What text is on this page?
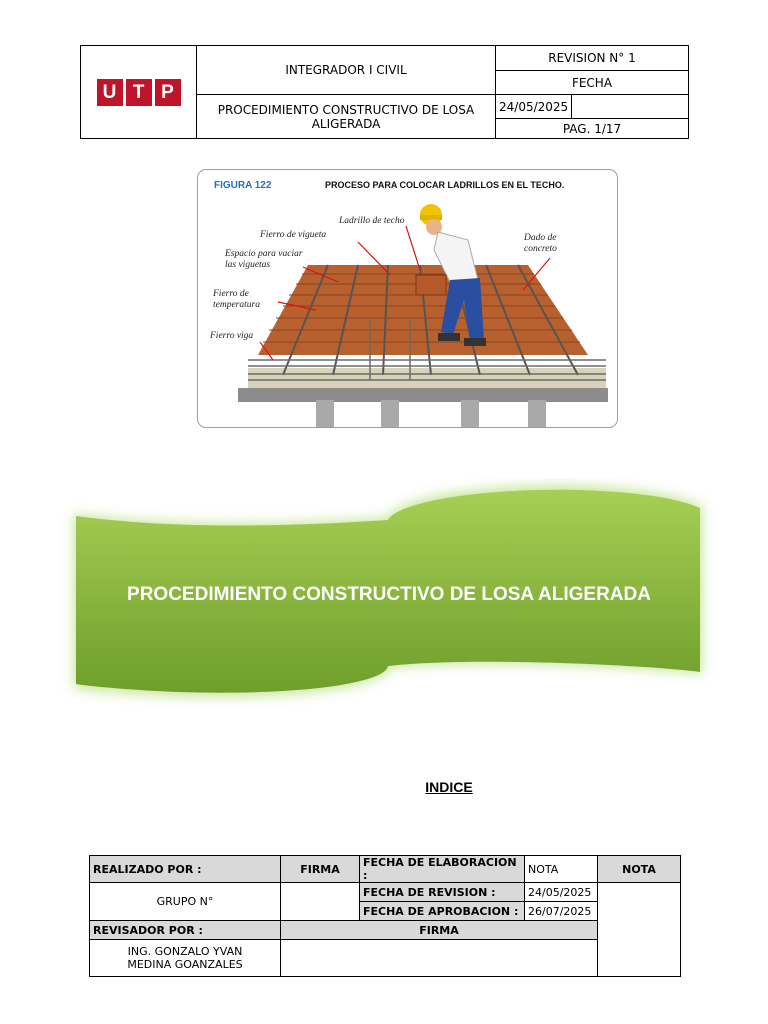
U T P	INTEGRADOR I CIVIL	REVISION N° 1	
		FECHA	
	PROCEDIMIENTO CONSTRUCTIVO DE LOSA ALIGERADA	24/05/2025	
		PAG. 1/17	
FIGURA 122	PROCESO PARA COLOCAR LADRILLOS EN EL TECHO.
Ladrillo de techo
Fierro de vigueta
Espacio para vaciar las viguetas
Fierro de temperatura
Fierro viga
Dado de concreto
PROCEDIMIENTO CONSTRUCTIVO DE LOSA ALIGERADA
INDICE
REALIZADO POR :	FIRMA	FECHA DE ELABORACION :	NOTA	NOTA
GRUPO N°		FECHA DE REVISION :	24/05/2025	
		FECHA DE APROBACION :	26/07/2025	
REVISADOR POR :	FIRMA			
ING. GONZALO YVAN MEDINA GOANZALES				
